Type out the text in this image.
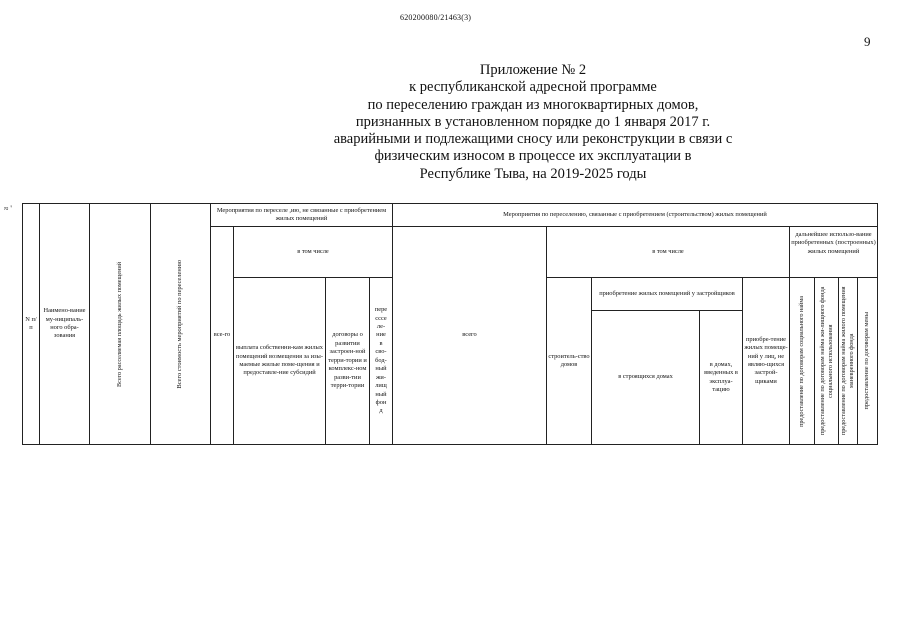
620200080/21463(3)
9
Приложение № 2
к республиканской адресной программе
по переселению граждан из многоквартирных домов,
признанных в установленном порядке до 1 января 2017 г.
аварийными и подлежащими сносу или реконструкции в связи с
физическим износом в процессе их эксплуатации в
Республике Тыва, на 2019-2025 годы
≈ '
N п/п
Наимено-вание му-ниципаль-ного обра-зования	Всего расселяемая площадь жилых помещений	Всего стоимость мероприятий по переселению
Мероприятия по переселе ,ию, не связанные с приобретением жилых помещений
все-го
в том числе
выплата собственни-кам жилых помещений возмещения за изы-маемые жилые поме-щения и предоставле-ние субсидий
договоры о развитии застроен-ной терри-тории и комплекс-ном разви-тии терри-тории
пере сссе ле-ние в сво-бод-ный жи-лищ ный фон д
Мероприятия по переселению, связанные с приобретением (строительством) жилых помещений
всего
в том числе
строитель-ство домов
приобретение жилых помещений у застройщиков
в строящихся домах
в домах, введенных в эксплуа-тацию
приобре-тение жилых помеще-ний у лиц, не являю-щихся застрой-щиками
дальнейшее использо-вание приобретенных (построенных) жилых помещений
предоставление по договорам социального найма предоставление по договорам найма жи-лищного фонда социального использования предоставление по договорам найма жилого помещения маневренного фонда предоставление по договорам мены
